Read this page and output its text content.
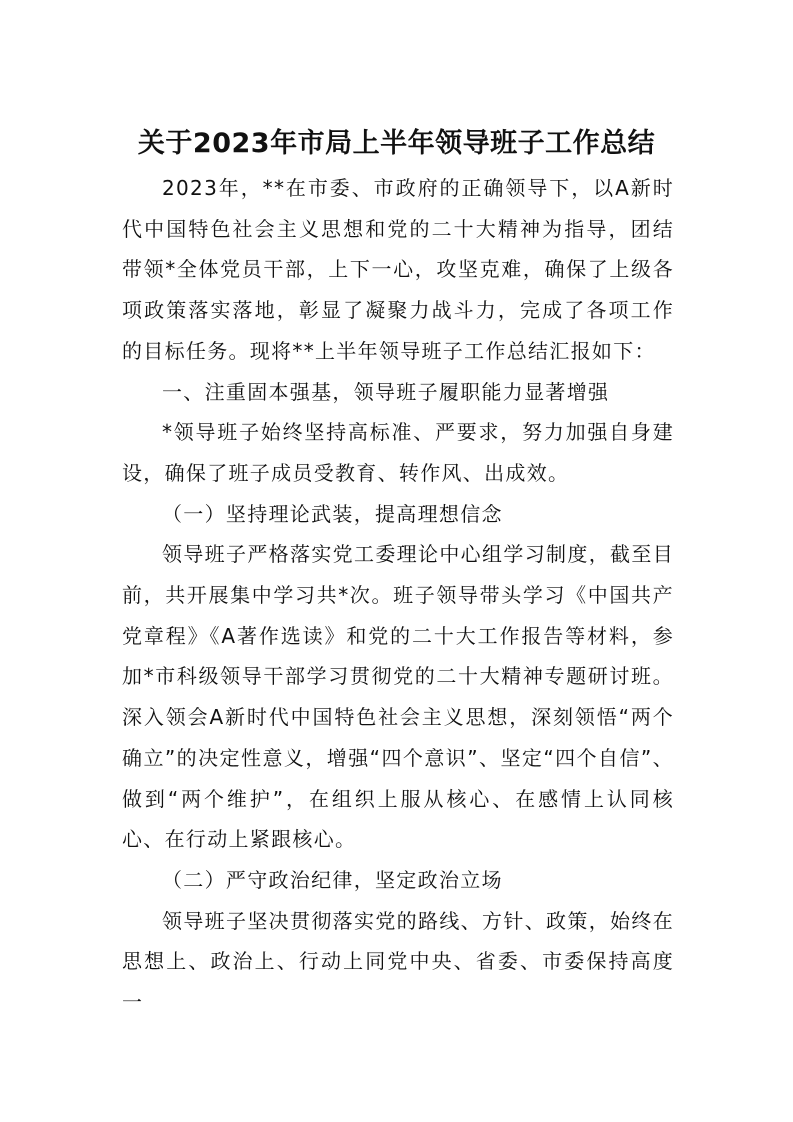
关于2023年市局上半年领导班子工作总结

2023年，**在市委、市政府的正确领导下，以A新时代中国特色社会主义思想和党的二十大精神为指导，团结带领*全体党员干部，上下一心，攻坚克难，确保了上级各项政策落实落地，彰显了凝聚力战斗力，完成了各项工作的目标任务。现将**上半年领导班子工作总结汇报如下：

一、注重固本强基，领导班子履职能力显著增强

*领导班子始终坚持高标准、严要求，努力加强自身建设，确保了班子成员受教育、转作风、出成效。

（一）坚持理论武装，提高理想信念

领导班子严格落实党工委理论中心组学习制度，截至目前，共开展集中学习共*次。班子领导带头学习《中国共产党章程》《A著作选读》和党的二十大工作报告等材料，参加*市科级领导干部学习贯彻党的二十大精神专题研讨班。深入领会A新时代中国特色社会主义思想，深刻领悟“两个确立”的决定性意义，增强“四个意识”、坚定“四个自信”、做到“两个维护”，在组织上服从核心、在感情上认同核心、在行动上紧跟核心。

（二）严守政治纪律，坚定政治立场

领导班子坚决贯彻落实党的路线、方针、政策，始终在思想上、政治上、行动上同党中央、省委、市委保持高度一
